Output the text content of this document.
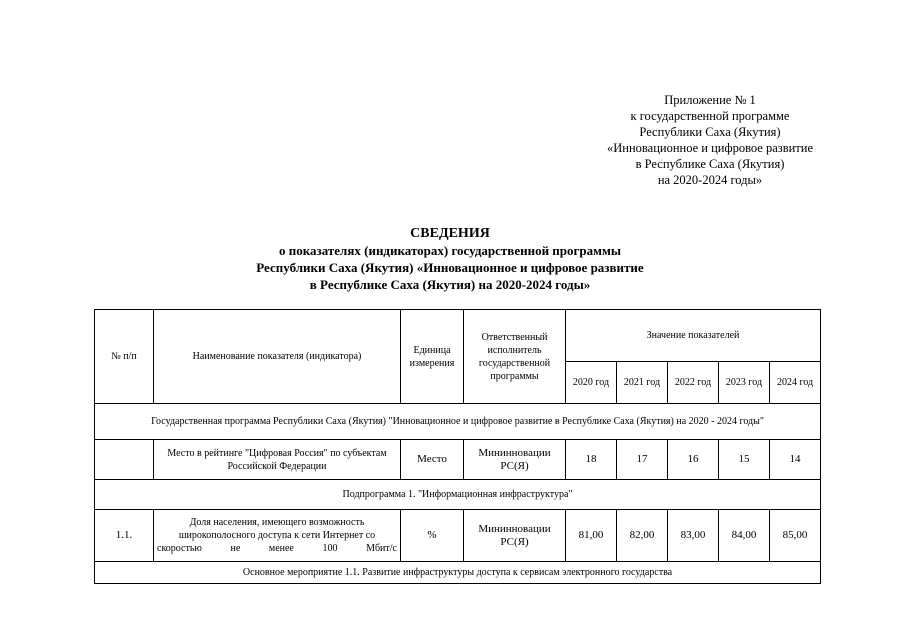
Приложение № 1
к государственной программе
Республики Саха (Якутия)
«Инновационное и цифровое развитие
в Республике Саха (Якутия)
на 2020-2024 годы»
СВЕДЕНИЯ
о показателях (индикаторах) государственной программы
Республики Саха (Якутия) «Инновационное и цифровое развитие
в Республике Саха (Якутия) на 2020-2024 годы»
№ п/п	Наименование показателя (индикатора)	Единица измерения	Ответственный исполнитель государственной программы	Значение показателей				
				2020 год	2021 год	2022 год	2023 год	2024 год
Государственная программа Республики Саха (Якутия) "Инновационное и цифровое развитие в Республике Саха (Якутия) на 2020 - 2024 годы"								
	Место в рейтинге "Цифровая Россия" по субъектам Российской Федерации	Место	Мининновации РС(Я)	18	17	16	15	14
Подпрограмма 1. "Информационная инфраструктура"								
1.1.	Доля населения, имеющего возможность широкополосного доступа к сети Интернет со скоростью не менее 100 Мбит/с	%	Мининновации РС(Я)	81,00	82,00	83,00	84,00	85,00
Основное мероприятие 1.1. Развитие инфраструктуры доступа к сервисам электронного государства								
